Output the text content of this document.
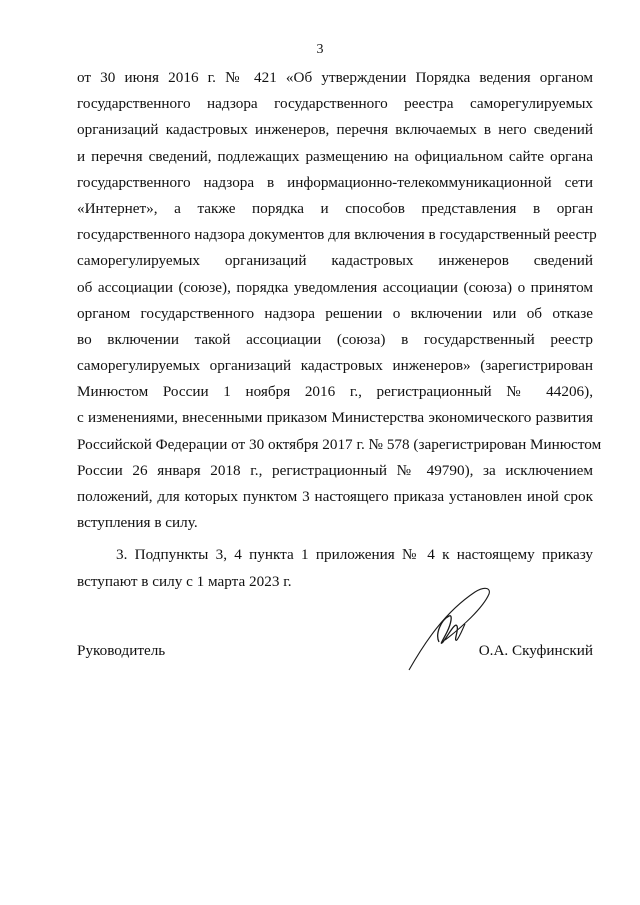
3
от 30 июня 2016 г. № 421 «Об утверждении Порядка ведения органом
государственного надзора государственного реестра саморегулируемых
организаций кадастровых инженеров, перечня включаемых в него сведений
и перечня сведений, подлежащих размещению на официальном сайте органа
государственного надзора в информационно-телекоммуникационной сети
«Интернет», а также порядка и способов представления в орган
государственного надзора документов для включения в государственный реестр
саморегулируемых организаций кадастровых инженеров сведений
об ассоциации (союзе), порядка уведомления ассоциации (союза) о принятом
органом государственного надзора решении о включении или об отказе
во включении такой ассоциации (союза) в государственный реестр
саморегулируемых организаций кадастровых инженеров» (зарегистрирован
Минюстом России 1 ноября 2016 г., регистрационный № 44206),
с изменениями, внесенными приказом Министерства экономического развития
Российской Федерации от 30 октября 2017 г. № 578 (зарегистрирован Минюстом
России 26 января 2018 г., регистрационный № 49790), за исключением
положений, для которых пунктом 3 настоящего приказа установлен иной срок
вступления в силу.
3. Подпункты 3, 4 пункта 1 приложения № 4 к настоящему приказу
вступают в силу с 1 марта 2023 г.
Руководитель	О.А. Скуфинский
